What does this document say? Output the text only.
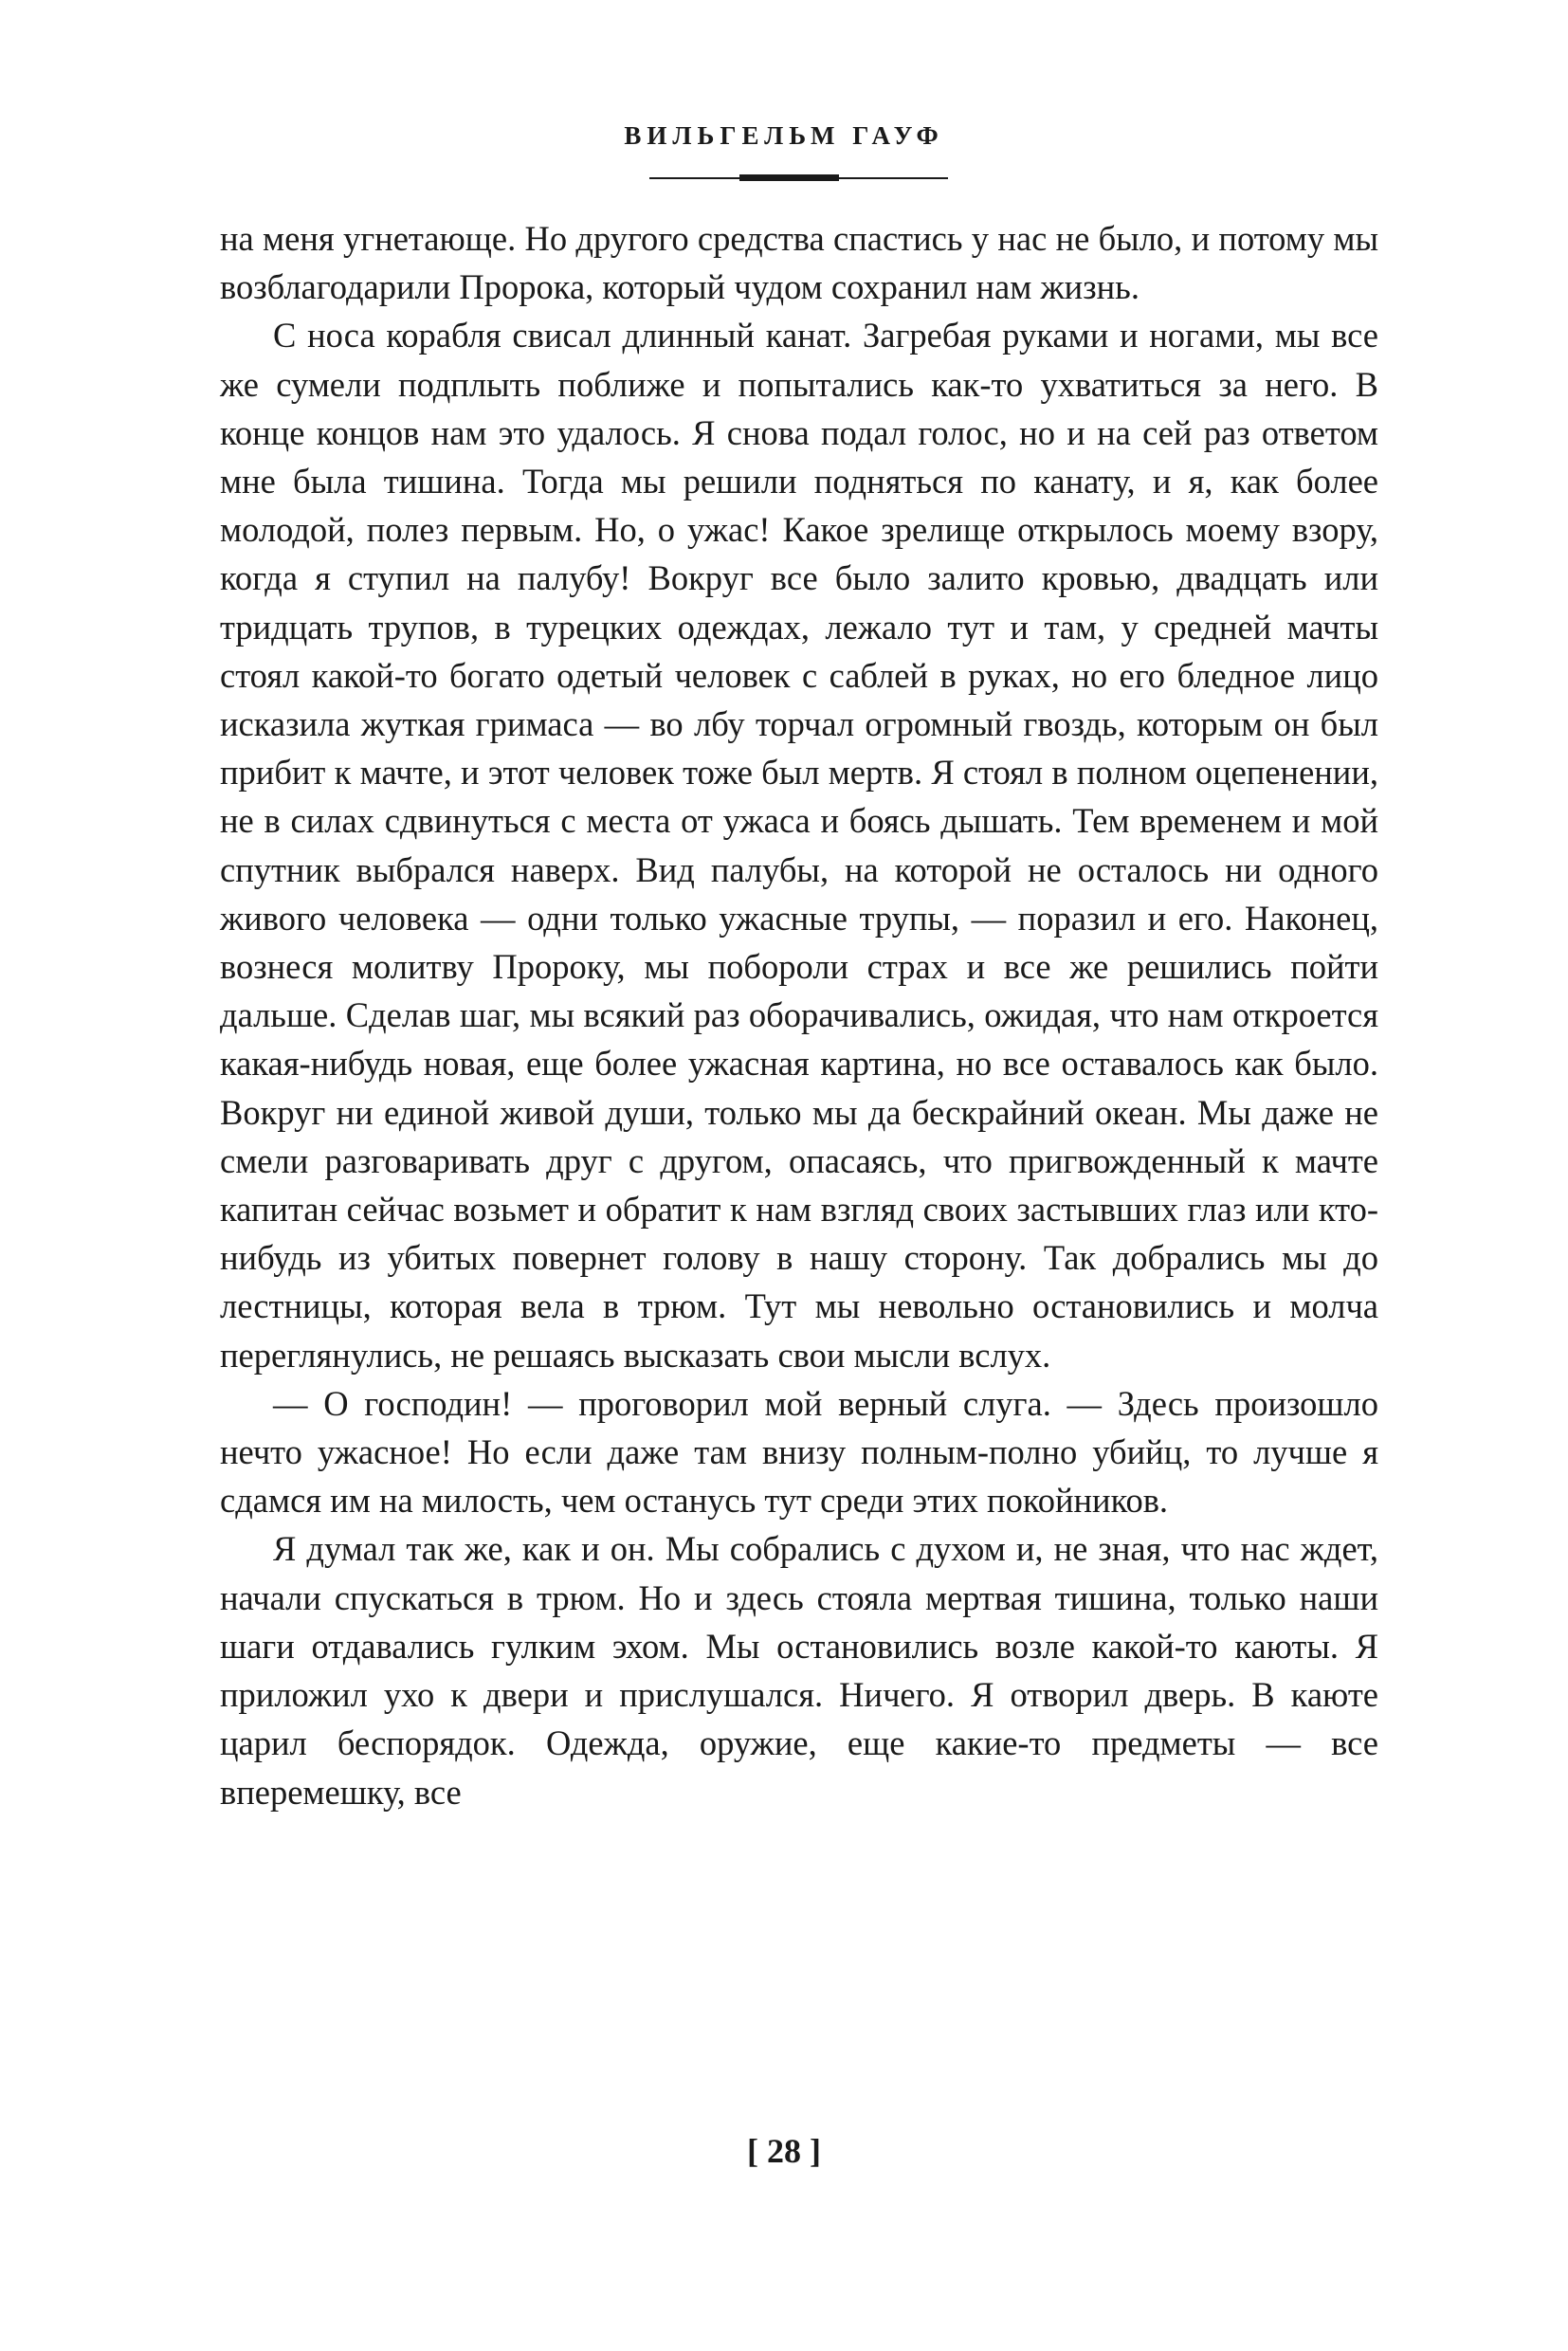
ВИЛЬГЕЛЬМ ГАУФ

на меня угнетающе. Но другого средства спастись у нас не было, и потому мы возблагодарили Пророка, который чудом сохранил нам жизнь.

С носа корабля свисал длинный канат. Загребая руками и ногами, мы все же сумели подплыть поближе и попытались как-то ухватиться за него. В конце концов нам это удалось. Я снова подал голос, но и на сей раз ответом мне была тишина. Тогда мы решили подняться по канату, и я, как более молодой, полез первым. Но, о ужас! Какое зрелище открылось моему взору, когда я ступил на палубу! Вокруг все было залито кровью, двадцать или тридцать трупов, в турецких одеждах, лежало тут и там, у средней мачты стоял какой-то богато одетый человек с саблей в руках, но его бледное лицо исказила жуткая гримаса — во лбу торчал огромный гвоздь, которым он был прибит к мачте, и этот человек тоже был мертв. Я стоял в полном оцепенении, не в силах сдвинуться с места от ужаса и боясь дышать. Тем временем и мой спутник выбрался наверх. Вид палубы, на которой не осталось ни одного живого человека — одни только ужасные трупы, — поразил и его. Наконец, вознеся молитву Пророку, мы побороли страх и все же решились пойти дальше. Сделав шаг, мы всякий раз оборачивались, ожидая, что нам откроется какая-нибудь новая, еще более ужасная картина, но все оставалось как было. Вокруг ни единой живой души, только мы да бескрайний океан. Мы даже не смели разговаривать друг с другом, опасаясь, что пригвожденный к мачте капитан сейчас возьмет и обратит к нам взгляд своих застывших глаз или кто-нибудь из убитых повернет голову в нашу сторону. Так добрались мы до лестницы, которая вела в трюм. Тут мы невольно остановились и молча переглянулись, не решаясь высказать свои мысли вслух.

— О господин! — проговорил мой верный слуга. — Здесь произошло нечто ужасное! Но если даже там внизу полным-полно убийц, то лучше я сдамся им на милость, чем останусь тут среди этих покойников.

Я думал так же, как и он. Мы собрались с духом и, не зная, что нас ждет, начали спускаться в трюм. Но и здесь стояла мертвая тишина, только наши шаги отдавались гулким эхом. Мы остановились возле какой-то каюты. Я приложил ухо к двери и прислушался. Ничего. Я отворил дверь. В каюте царил беспорядок. Одежда, оружие, еще какие-то предметы — все вперемешку, все

[ 28 ]
